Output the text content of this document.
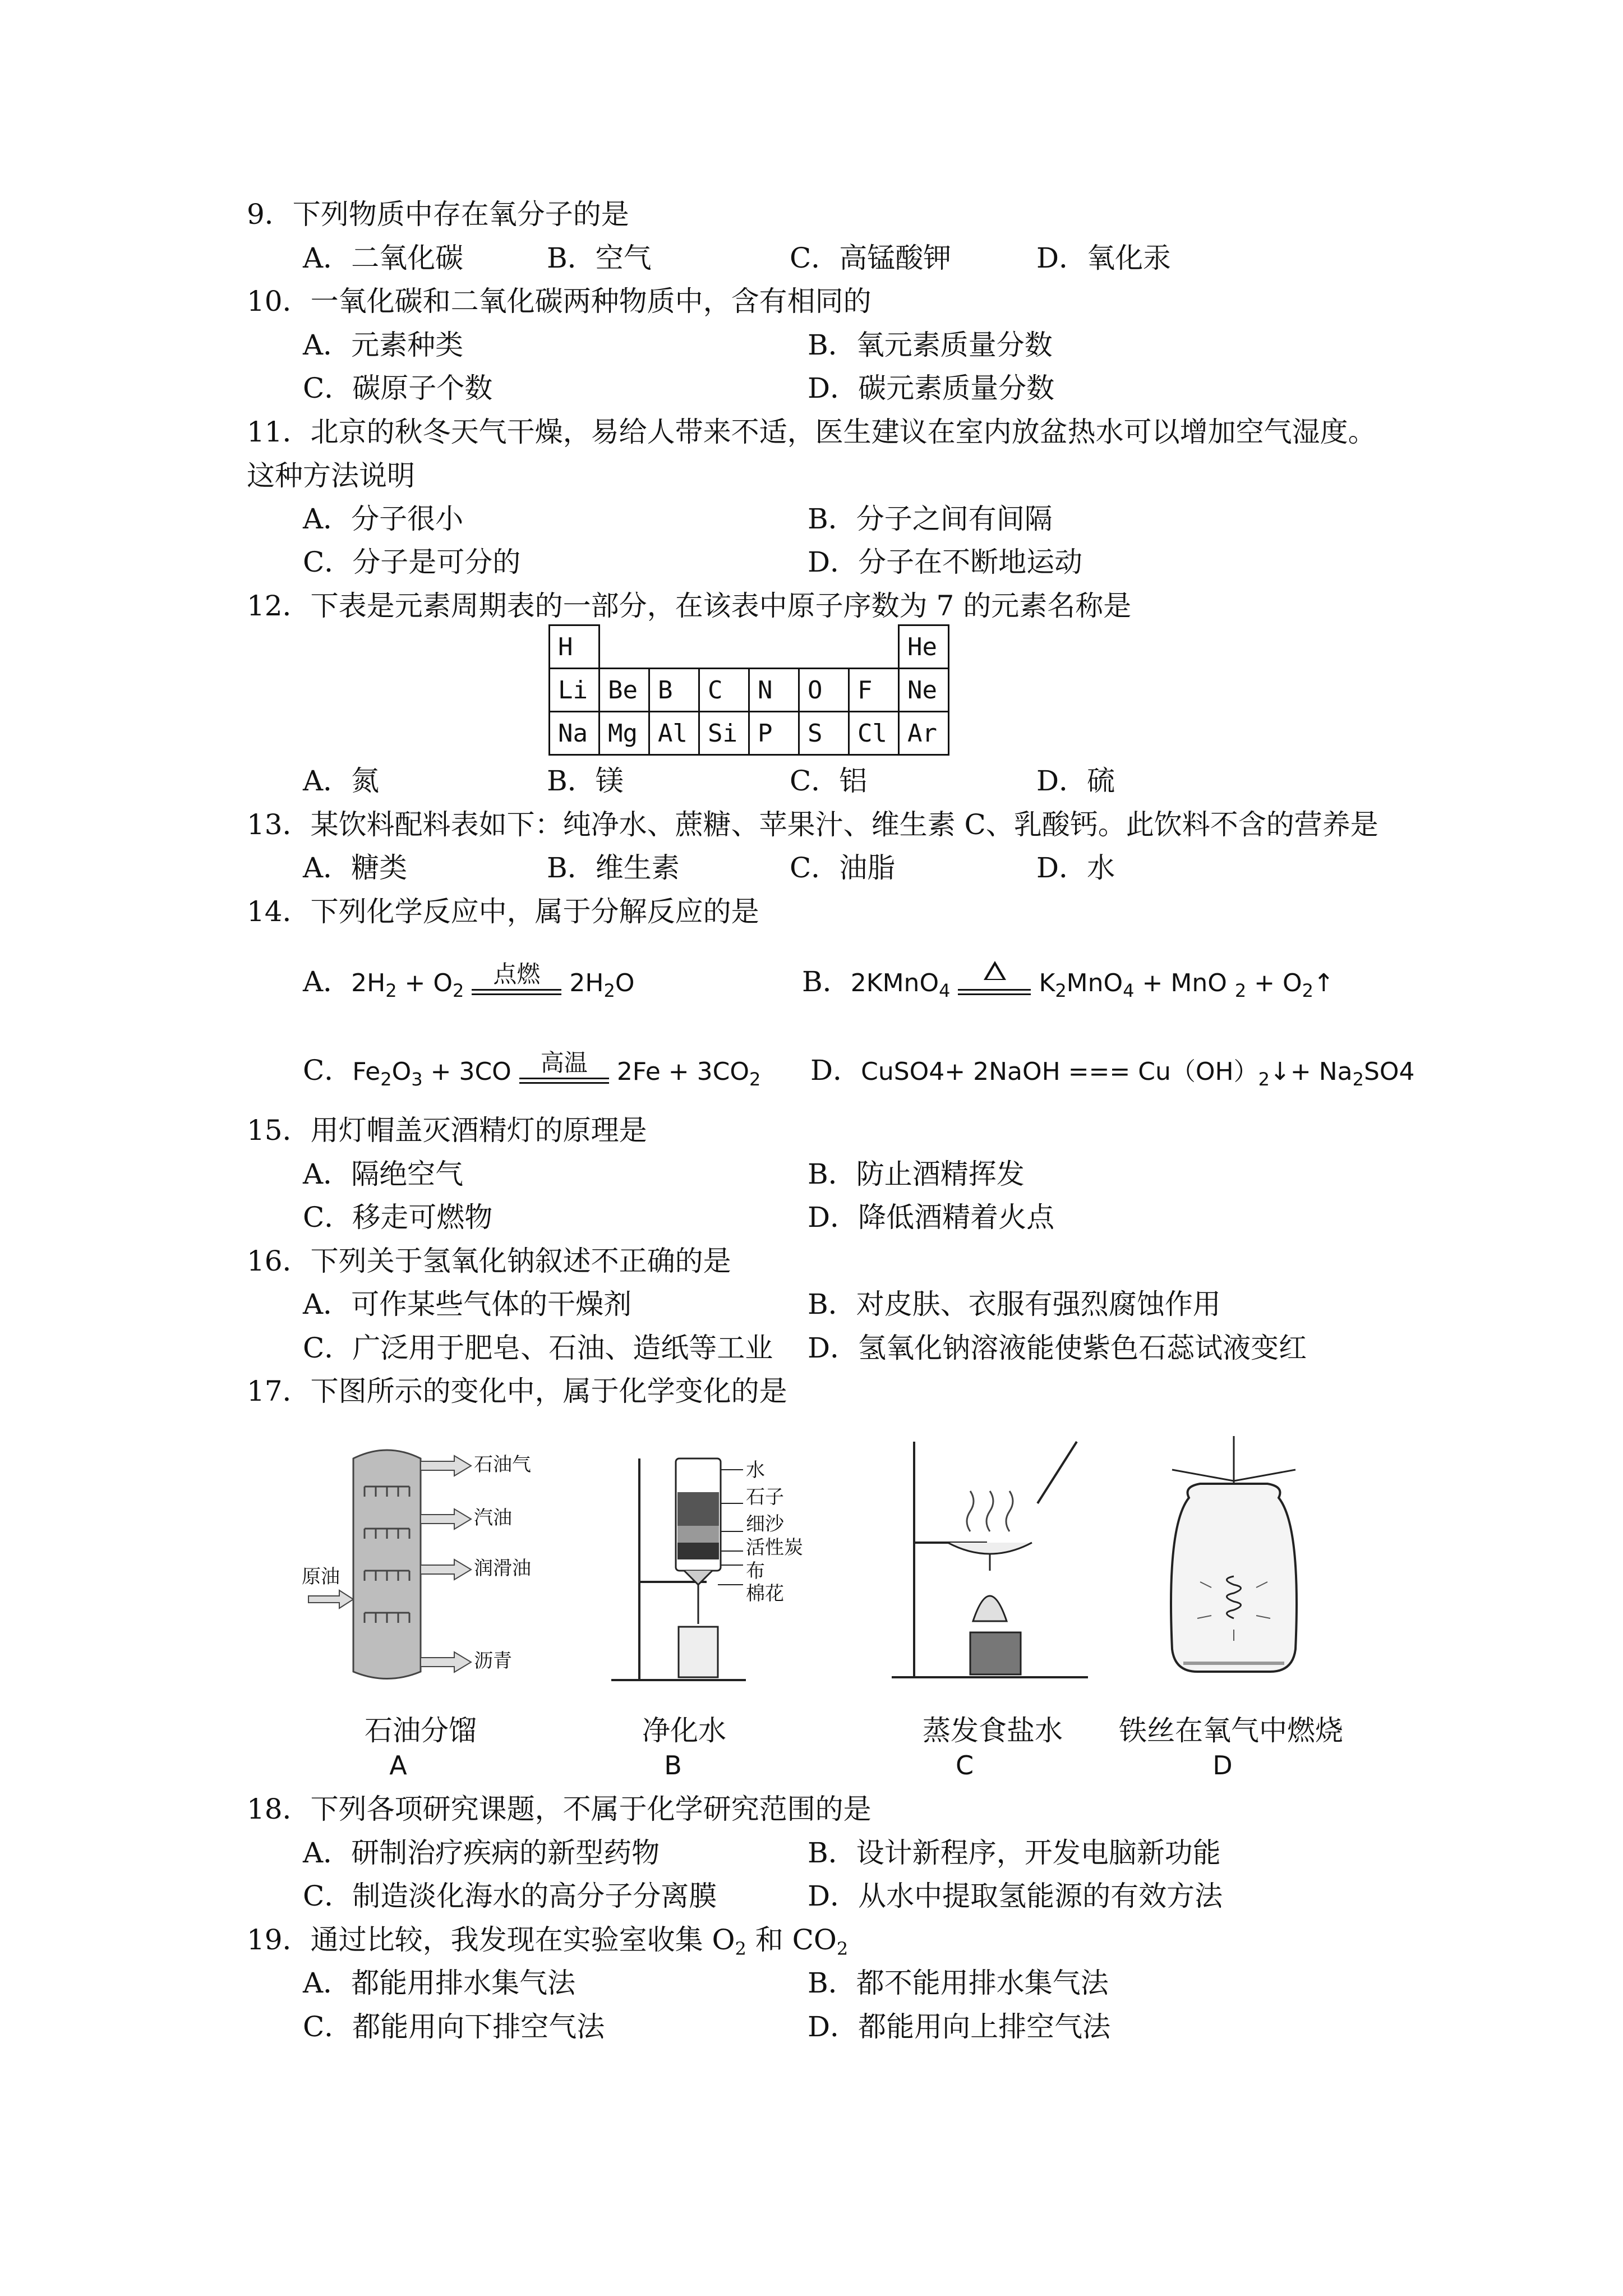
9．下列物质中存在氧分子的是
A．二氧化碳	B．空气	C．高锰酸钾	D．氧化汞
10．一氧化碳和二氧化碳两种物质中，含有相同的
A．元素种类	B．氧元素质量分数
C．碳原子个数	D．碳元素质量分数
11．北京的秋冬天气干燥，易给人带来不适，医生建议在室内放盆热水可以增加空气湿度。
这种方法说明
A．分子很小	B．分子之间有间隔
C．分子是可分的	D．分子在不断地运动
12．下表是元素周期表的一部分，在该表中原子序数为 7 的元素名称是
H							He
Li	Be	B	C	N	O	F	Ne
Na	Mg	Al	Si	P	S	Cl	Ar
A．氮	B．镁	C．铝	D．硫
13．某饮料配料表如下：纯净水、蔗糖、苹果汁、维生素 C、乳酸钙。此饮料不含的营养是
A．糖类	B．维生素	C．油脂	D．水
14．下列化学反应中，属于分解反应的是
A．$2H_2 + O_2$
点燃	$2H_2O$	B．2KMnO$_4$	$K_2MnO_4$ + MnO $_2 + O_2↑$
C．$Fe_2O_3 + 3CO$	高温	$2Fe + 3CO_2$ D．CuSO4+ 2NaOH === $Cu(OH)_2↓+ Na_2SO4$
15．用灯帽盖灭酒精灯的原理是
A．隔绝空气	B．防止酒精挥发
C．移走可燃物	D．降低酒精着火点
16．下列关于氢氧化钠叙述不正确的是
A．可作某些气体的干燥剂	B．对皮肤、衣服有强烈腐蚀作用
C．广泛用于肥皂、石油、造纸等工业 D．氢氧化钠溶液能使紫色石蕊试液变红
17．下图所示的变化中，属于化学变化的是
石油气
汽油
润滑油
沥青
原油
石油分馏
A
水
石子
细沙
活性炭
布
棉花
净化水
B
蒸发食盐水
C
铁丝在氧气中燃烧
D
18．下列各项研究课题，不属于化学研究范围的是
A．研制治疗疾病的新型药物	B．设计新程序，开发电脑新功能
C．制造淡化海水的高分子分离膜	D．从水中提取氢能源的有效方法
19．通过比较，我发现在实验室收集 $O_2$ 和 $CO_2$
A．都能用排水集气法	B．都不能用排水集气法
C．都能用向下排空气法	D．都能用向上排空气法
